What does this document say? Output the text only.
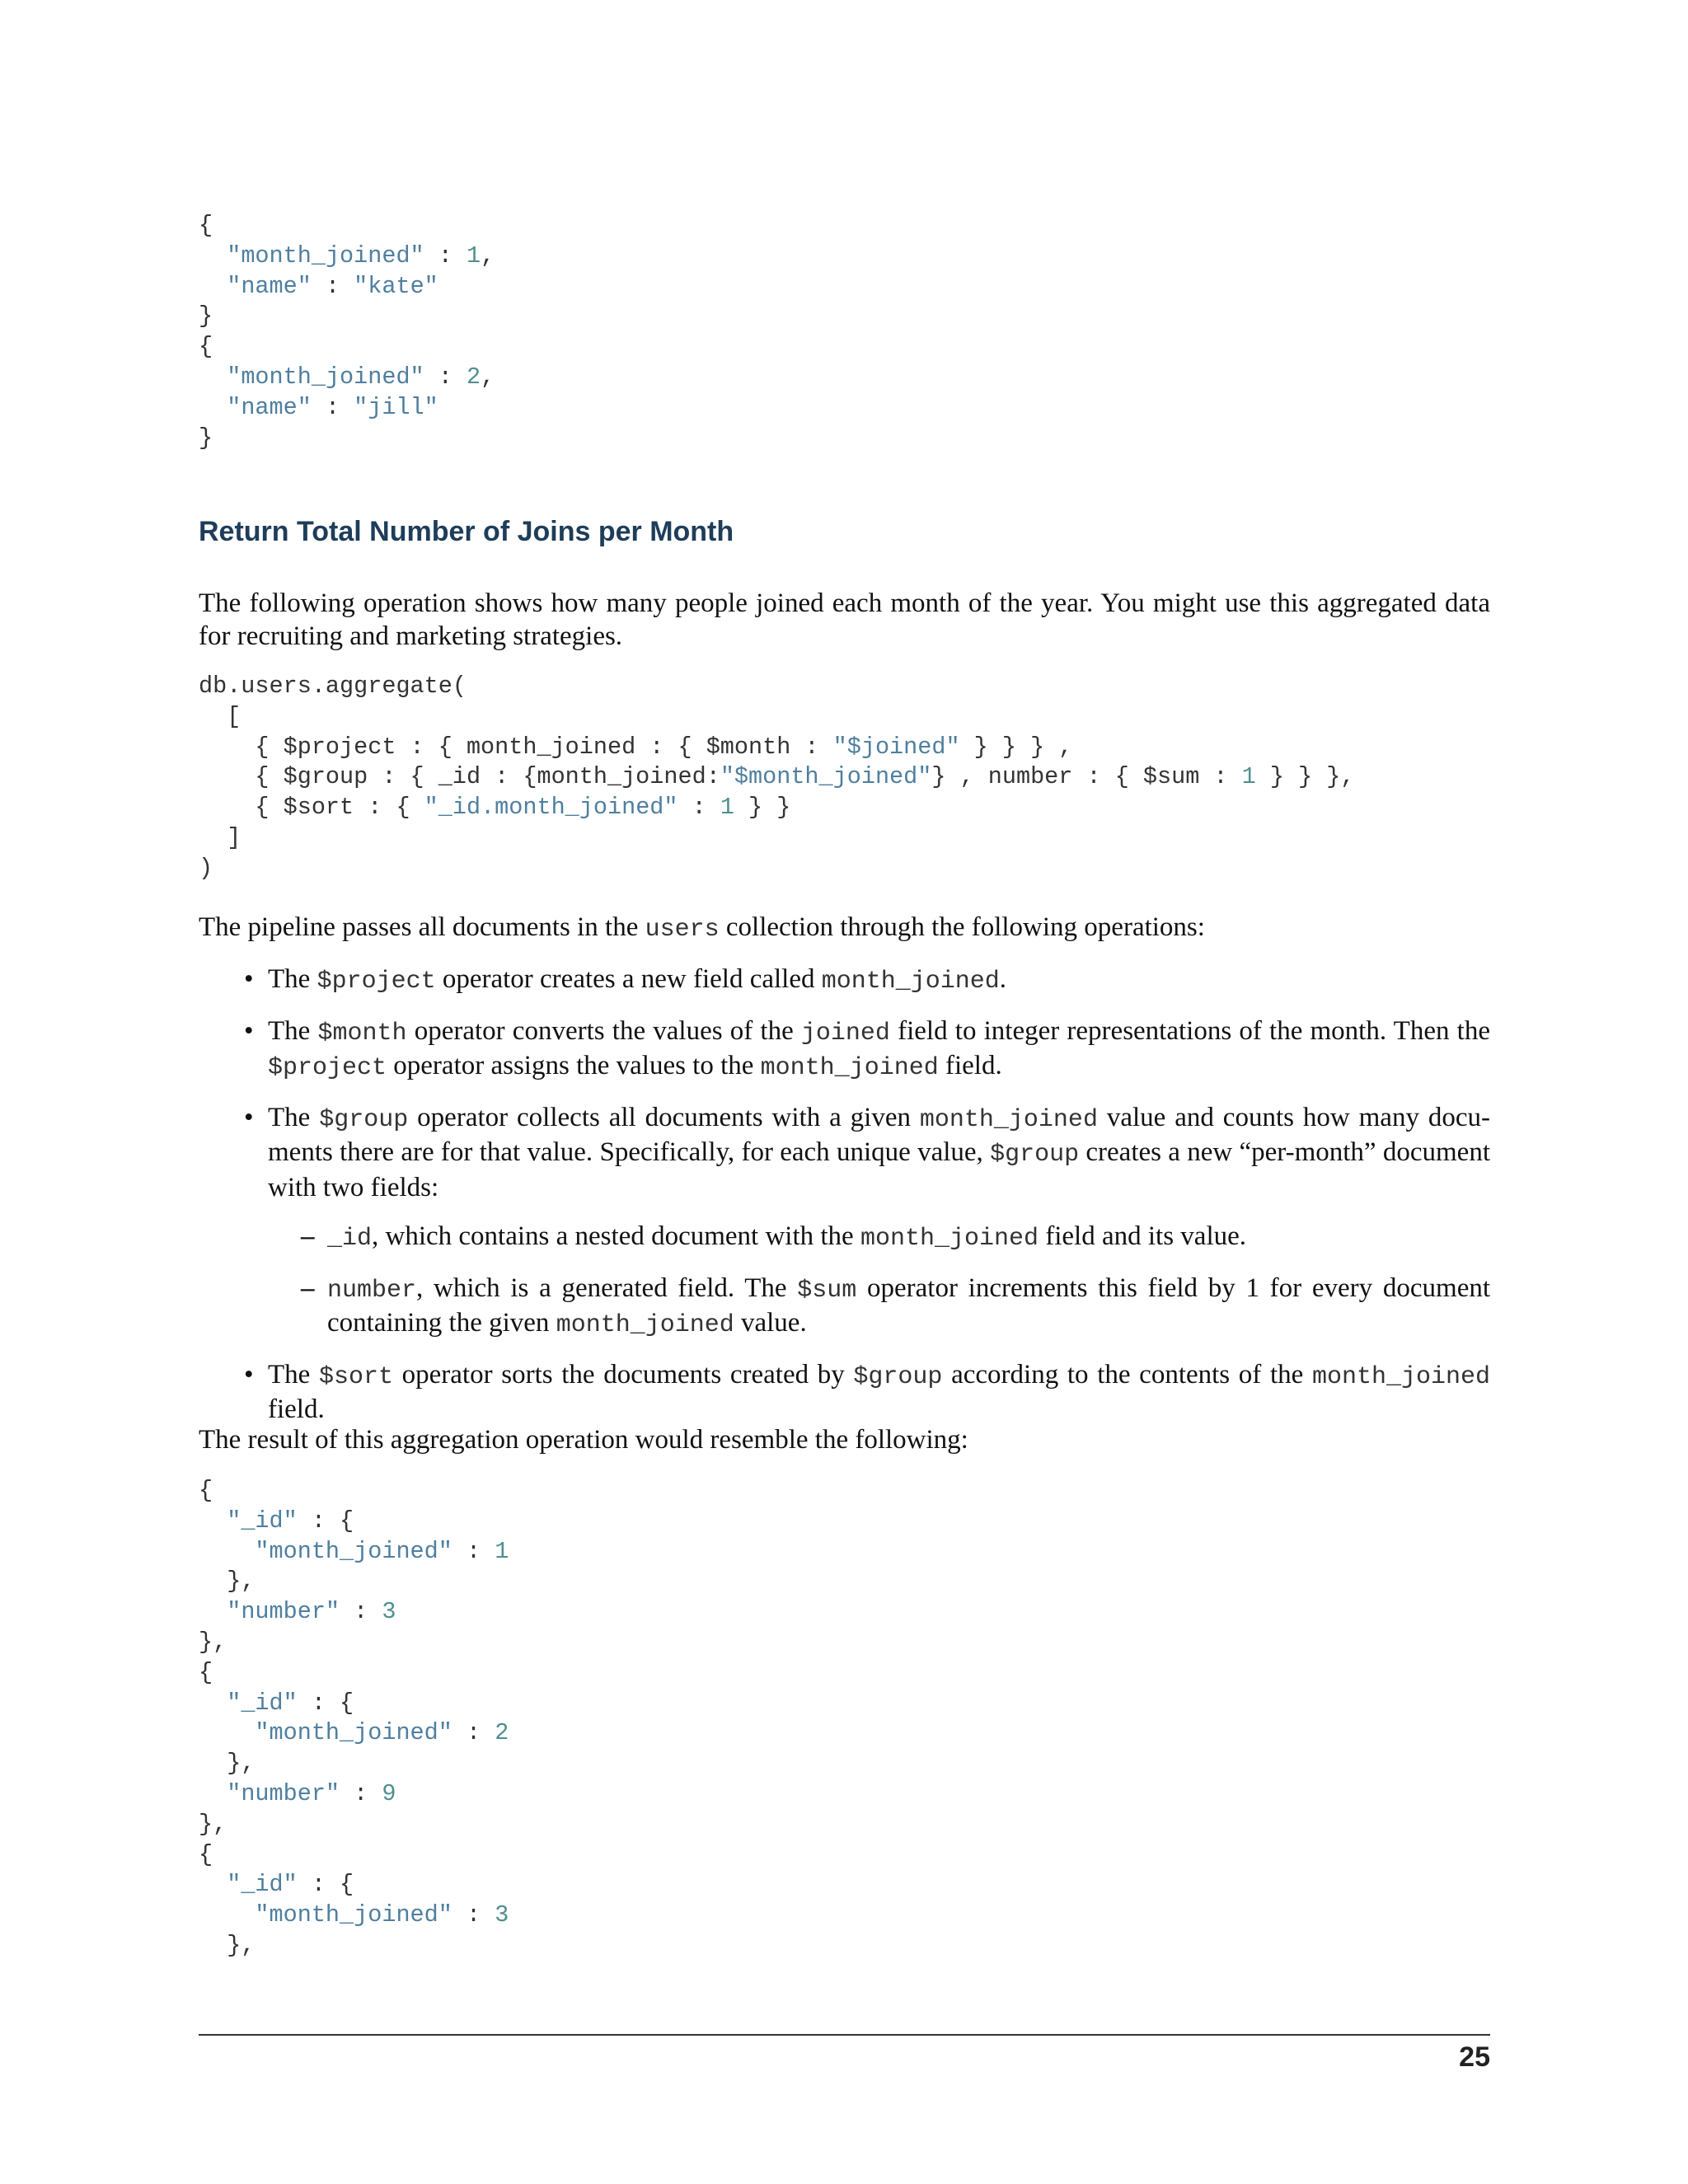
{
"month_joined" : 1,
"name" : "kate"
}
{
"month_joined" : 2,
"name" : "jill"
}
Return Total Number of Joins per Month

The following operation shows how many people joined each month of the year. You might use this aggregated data for recruiting and marketing strategies.

db.users.aggregate(
[
{ $project : { month_joined : { $month : "$joined" } } } ,
{ $group : { _id : {month_joined:"$month_joined"} , number : { $sum : 1 } } },
{ $sort : { "_id.month_joined" : 1 } }
]
)

The pipeline passes all documents in the users collection through the following operations:

• The $project operator creates a new field called month_joined.
• The $month operator converts the values of the joined field to integer representations of the month. Then the $project operator assigns the values to the month_joined field.
• The $group operator collects all documents with a given month_joined value and counts how many docu-ments there are for that value. Specifically, for each unique value, $group creates a new “per-month” document with two fields:
– _id, which contains a nested document with the month_joined field and its value.
– number, which is a generated field. The $sum operator increments this field by 1 for every document containing the given month_joined value.
• The $sort operator sorts the documents created by $group according to the contents of the month_joined field.

The result of this aggregation operation would resemble the following:

{
"_id" : {
"month_joined" : 1
},
"number" : 3
},
{
"_id" : {
"month_joined" : 2
},
"number" : 9
},
{
"_id" : {
"month_joined" : 3
},
25
